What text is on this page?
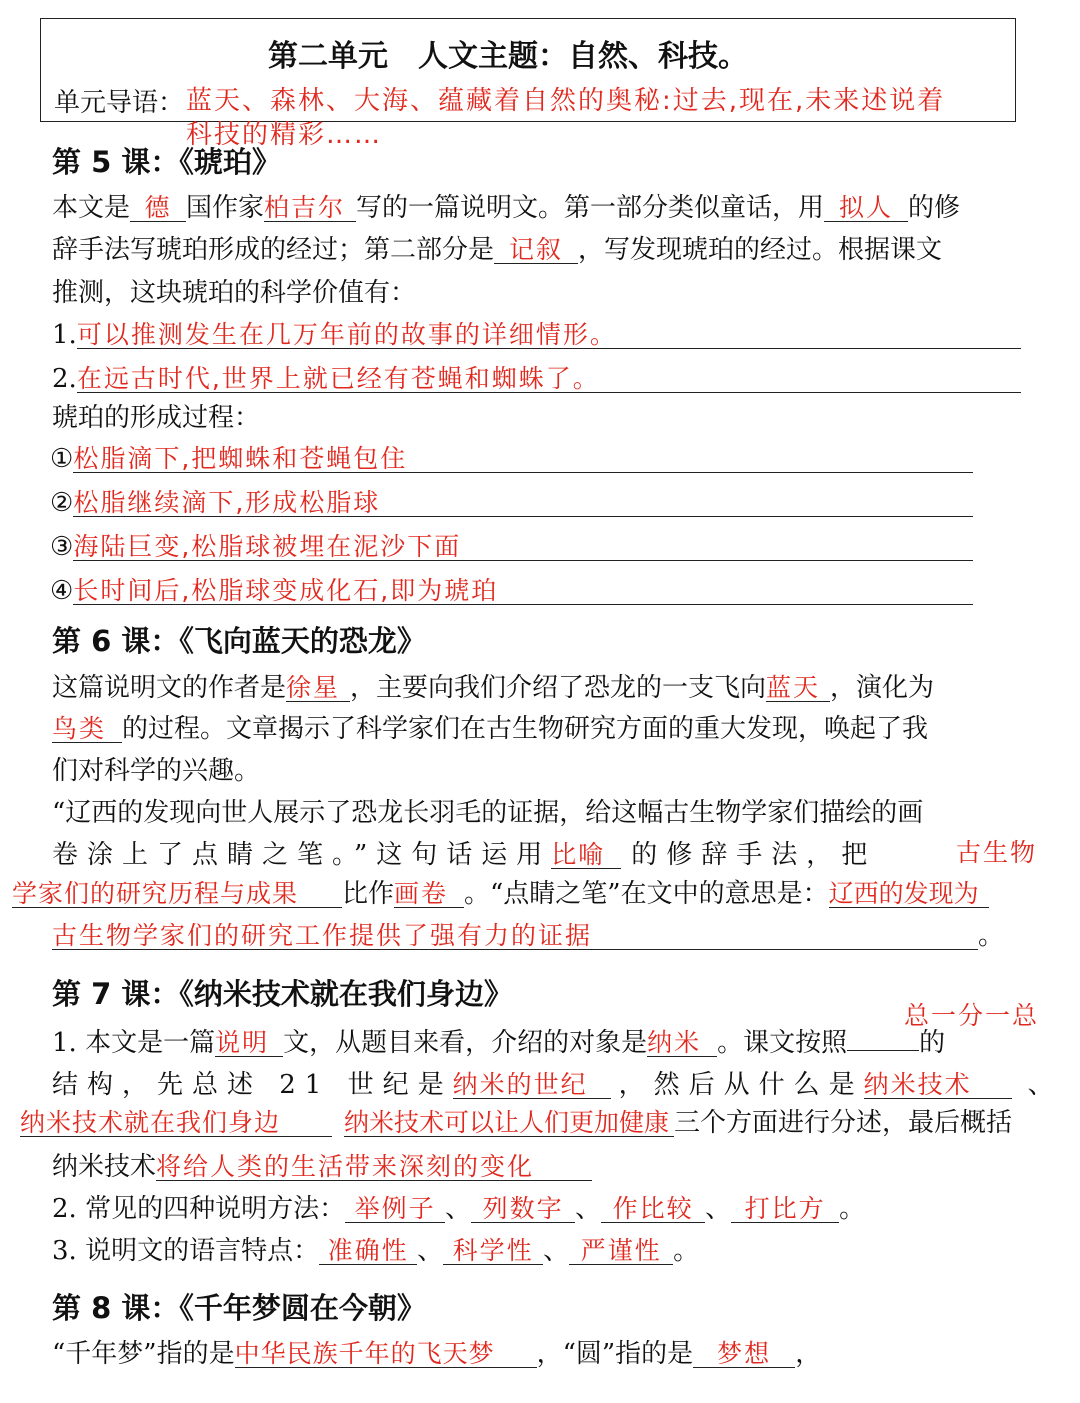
第二单元　人文主题：自然、科技。
单元导语： 蓝天、森林、大海、蕴藏着自然的奥秘:过去,现在,未来述说着
科技的精彩……
第 5 课：《琥珀》
本文是 德 国作家柏吉尔 写的一篇说明文。第一部分类似童话，用 拟人 的修
辞手法写琥珀形成的经过；第二部分是 记叙 ，写发现琥珀的经过。根据课文
推测，这块琥珀的科学价值有：
1.可以推测发生在几万年前的故事的详细情形。
2.在远古时代,世界上就已经有苍蝇和蜘蛛了。
琥珀的形成过程：
①松脂滴下,把蜘蛛和苍蝇包住
②松脂继续滴下,形成松脂球
③海陆巨变,松脂球被埋在泥沙下面
④长时间后,松脂球变成化石,即为琥珀
第 6 课：《飞向蓝天的恐龙》
这篇说明文的作者是徐星 ，主要向我们介绍了恐龙的一支飞向蓝天 ，演化为
鸟类 的过程。文章揭示了科学家们在古生物研究方面的重大发现，唤起了我
们对科学的兴趣。
“辽西的发现向世人展示了恐龙长羽毛的证据，给这幅古生物学家们描绘的画
卷涂上了点睛之笔。”这句话运用比喻 的修辞手法，把	古生物
学家们的研究历程与成果 比作画卷 。“点睛之笔”在文中的意思是：辽西的发现为
古生物学家们的研究工作提供了强有力的证据	。
第 7 课：《纳米技术就在我们身边》
总一分一总
1. 本文是一篇说明 文，从题目来看，介绍的对象是纳米 。课文按照	的
结构，先总述 21 世纪是纳米的世纪 ，然后从什么是纳米技术 、
纳米技术就在我们身边	纳米技术可以让人们更加健康 三个方面进行分述，最后概括
纳米技术将给人类的生活带来深刻的变化
2. 常见的四种说明方法： 举例子 、 列数字 、 作比较 、 打比方 。
3. 说明文的语言特点： 准确性 、 科学性 、 严谨性 。
第 8 课：《千年梦圆在今朝》
“千年梦”指的是中华民族千年的飞天梦 ，“圆”指的是 梦想 ，
